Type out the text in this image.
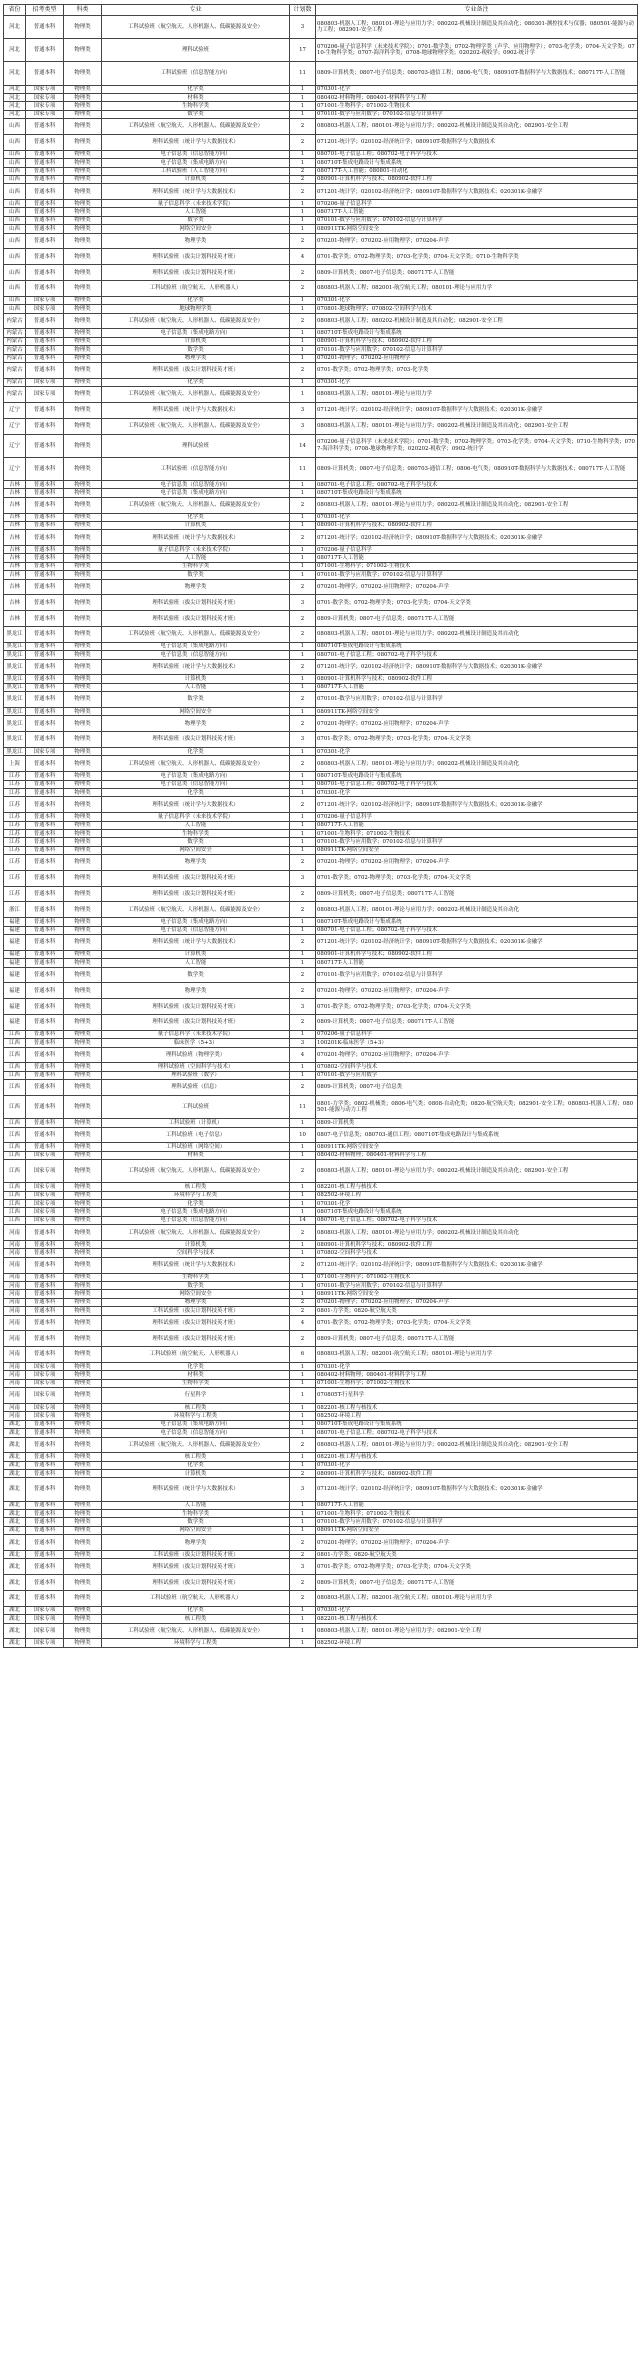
省份	招考类型	科类	专业	计划数	专业备注
河北	普通本科	物理类	工科试验班（航空航天、人形机器人、低碳能源及安全）	3	080803-机器人工程；080101-理论与应用力学；080202-机械设计制造及其自动化；080301-测控技术与仪器；080501-能源与动力工程；082901-安全工程
河北	普通本科	物理类	理科试验班	17	070206-量子信息科学（未来技术学院）；0701-数学类；0702-物理学类（声学、应用物理学）；0703-化学类；0704-天文学类；0710-生物科学类；0707-海洋科学类；0708-地球物理学类；020202-税收学；0902-统计学
河北	普通本科	物理类	工科试验班（信息智能方向）	11	0809-计算机类；0807-电子信息类；080703-通信工程；0806-电气类；080910T-数据科学与大数据技术；080717T-人工智能
河北	国家专项	物理类	化学类	1	070301-化学
河北	国家专项	物理类	材料类	1	080402-材料物理；080401-材料科学与工程
河北	国家专项	物理类	生物科学类	1	071001-生物科学；071002-生物技术
河北	国家专项	物理类	数学类	1	070101-数学与应用数学；070102-信息与计算科学
山西	普通本科	物理类	工科试验班（航空航天、人形机器人、低碳能源及安全）	2	080803-机器人工程；080101-理论与应用力学；080202-机械设计制造及其自动化；082901-安全工程
山西	普通本科	物理类	理科试验班（统计学与大数据技术）	2	071201-统计学；020102-经济统计学；080910T-数据科学与大数据技术
山西	普通本科	物理类	电子信息类（信息智能方向）	1	080701-电子信息工程；080702-电子科学与技术
山西	普通本科	物理类	电子信息类（集成电路方向）	1	080710T-集成电路设计与集成系统
山西	普通本科	物理类	工科试验班（人工智能方向）	2	080717T-人工智能；080801-自动化
山西	普通本科	物理类	计算机类	2	080901-计算机科学与技术；080902-软件工程
山西	普通本科	物理类	理科试验班（统计学与大数据技术）	2	071201-统计学；020102-经济统计学；080910T-数据科学与大数据技术；020301K-金融学
山西	普通本科	物理类	量子信息科学（未来技术学院）	1	070206-量子信息科学
山西	普通本科	物理类	人工智能	1	080717T-人工智能
山西	普通本科	物理类	数学类	1	070101-数学与应用数学；070102-信息与计算科学
山西	普通本科	物理类	网络空间安全	1	080911TK-网络空间安全
山西	普通本科	物理类	物理学类	2	070201-物理学；070202-应用物理学；070204-声学
山西	普通本科	物理类	理科试验班（拔尖计划科技英才班）	4	0701-数学类；0702-物理学类；0703-化学类；0704-天文学类；0710-生物科学类
山西	普通本科	物理类	理科试验班（拔尖计划科技英才班）	2	0809-计算机类；0807-电子信息类；080717T-人工智能
山西	普通本科	物理类	工科试验班（航空航天、人形机器人）	2	080803-机器人工程；082001-航空航天工程；080101-理论与应用力学
山西	国家专项	物理类	化学类	1	070301-化学
山西	国家专项	物理类	地球物理学类	1	070801-地球物理学；070802-空间科学与技术
内蒙古	普通本科	物理类	工科试验班（航空航天、人形机器人、低碳能源及安全）	2	080803-机器人工程；080202-机械设计制造及其自动化；082901-安全工程
内蒙古	普通本科	物理类	电子信息类（集成电路方向）	1	080710T-集成电路设计与集成系统
内蒙古	普通本科	物理类	计算机类	1	080901-计算机科学与技术；080902-软件工程
内蒙古	普通本科	物理类	数学类	1	070101-数学与应用数学；070102-信息与计算科学
内蒙古	普通本科	物理类	物理学类	1	070201-物理学；070202-应用物理学
内蒙古	普通本科	物理类	理科试验班（拔尖计划科技英才班）	2	0701-数学类；0702-物理学类；0703-化学类
内蒙古	国家专项	物理类	化学类	1	070301-化学
内蒙古	国家专项	物理类	工科试验班（航空航天、人形机器人、低碳能源及安全）	1	080803-机器人工程；080101-理论与应用力学
辽宁	普通本科	物理类	理科试验班（统计学与大数据技术）	3	071201-统计学；020102-经济统计学；080910T-数据科学与大数据技术；020301K-金融学
辽宁	普通本科	物理类	工科试验班（航空航天、人形机器人、低碳能源及安全）	3	080803-机器人工程；080101-理论与应用力学；080202-机械设计制造及其自动化；082901-安全工程
辽宁	普通本科	物理类	理科试验班	14	070206-量子信息科学（未来技术学院）；0701-数学类；0702-物理学类；0703-化学类；0704-天文学类；0710-生物科学类；0707-海洋科学类；0708-地球物理学类；020202-税收学；0902-统计学
辽宁	普通本科	物理类	工科试验班（信息智能方向）	11	0809-计算机类；0807-电子信息类；080703-通信工程；0806-电气类；080910T-数据科学与大数据技术；080717T-人工智能
吉林	普通本科	物理类	电子信息类（信息智能方向）	1	080701-电子信息工程；080702-电子科学与技术
吉林	普通本科	物理类	电子信息类（集成电路方向）	1	080710T-集成电路设计与集成系统
吉林	普通本科	物理类	工科试验班（航空航天、人形机器人、低碳能源及安全）	2	080803-机器人工程；080101-理论与应用力学；080202-机械设计制造及其自动化；082901-安全工程
吉林	普通本科	物理类	化学类	1	070301-化学
吉林	普通本科	物理类	计算机类	1	080901-计算机科学与技术；080902-软件工程
吉林	普通本科	物理类	理科试验班（统计学与大数据技术）	2	071201-统计学；020102-经济统计学；080910T-数据科学与大数据技术；020301K-金融学
吉林	普通本科	物理类	量子信息科学（未来技术学院）	1	070206-量子信息科学
吉林	普通本科	物理类	人工智能	1	080717T-人工智能
吉林	普通本科	物理类	生物科学类	1	071001-生物科学；071002-生物技术
吉林	普通本科	物理类	数学类	1	070101-数学与应用数学；070102-信息与计算科学
吉林	普通本科	物理类	物理学类	2	070201-物理学；070202-应用物理学；070204-声学
吉林	普通本科	物理类	理科试验班（拔尖计划科技英才班）	3	0701-数学类；0702-物理学类；0703-化学类；0704-天文学类
吉林	普通本科	物理类	理科试验班（拔尖计划科技英才班）	2	0809-计算机类；0807-电子信息类；080717T-人工智能
黑龙江	普通本科	物理类	工科试验班（航空航天、人形机器人、低碳能源及安全）	2	080803-机器人工程；080101-理论与应用力学；080202-机械设计制造及其自动化
黑龙江	普通本科	物理类	电子信息类（集成电路方向）	1	080710T-集成电路设计与集成系统
黑龙江	普通本科	物理类	电子信息类（信息智能方向）	1	080701-电子信息工程；080702-电子科学与技术
黑龙江	普通本科	物理类	理科试验班（统计学与大数据技术）	2	071201-统计学；020102-经济统计学；080910T-数据科学与大数据技术；020301K-金融学
黑龙江	普通本科	物理类	计算机类	1	080901-计算机科学与技术；080902-软件工程
黑龙江	普通本科	物理类	人工智能	1	080717T-人工智能
黑龙江	普通本科	物理类	数学类	2	070101-数学与应用数学；070102-信息与计算科学
黑龙江	普通本科	物理类	网络空间安全	1	080911TK-网络空间安全
黑龙江	普通本科	物理类	物理学类	2	070201-物理学；070202-应用物理学；070204-声学
黑龙江	普通本科	物理类	理科试验班（拔尖计划科技英才班）	3	0701-数学类；0702-物理学类；0703-化学类；0704-天文学类
黑龙江	国家专项	物理类	化学类	1	070301-化学
上海	普通本科	物理类	工科试验班（航空航天、人形机器人、低碳能源及安全）	2	080803-机器人工程；080101-理论与应用力学；080202-机械设计制造及其自动化
江苏	普通本科	物理类	电子信息类（集成电路方向）	1	080710T-集成电路设计与集成系统
江苏	普通本科	物理类	电子信息类（信息智能方向）	1	080701-电子信息工程；080702-电子科学与技术
江苏	普通本科	物理类	化学类	1	070301-化学
江苏	普通本科	物理类	理科试验班（统计学与大数据技术）	2	071201-统计学；020102-经济统计学；080910T-数据科学与大数据技术；020301K-金融学
江苏	普通本科	物理类	量子信息科学（未来技术学院）	1	070206-量子信息科学
江苏	普通本科	物理类	人工智能	1	080717T-人工智能
江苏	普通本科	物理类	生物科学类	1	071001-生物科学；071002-生物技术
江苏	普通本科	物理类	数学类	1	070101-数学与应用数学；070102-信息与计算科学
江苏	普通本科	物理类	网络空间安全	1	080911TK-网络空间安全
江苏	普通本科	物理类	物理学类	2	070201-物理学；070202-应用物理学；070204-声学
江苏	普通本科	物理类	理科试验班（拔尖计划科技英才班）	3	0701-数学类；0702-物理学类；0703-化学类；0704-天文学类
江苏	普通本科	物理类	理科试验班（拔尖计划科技英才班）	2	0809-计算机类；0807-电子信息类；080717T-人工智能
浙江	普通本科	物理类	工科试验班（航空航天、人形机器人、低碳能源及安全）	2	080803-机器人工程；080101-理论与应用力学；080202-机械设计制造及其自动化
福建	普通本科	物理类	电子信息类（集成电路方向）	1	080710T-集成电路设计与集成系统
福建	普通本科	物理类	电子信息类（信息智能方向）	1	080701-电子信息工程；080702-电子科学与技术
福建	普通本科	物理类	理科试验班（统计学与大数据技术）	2	071201-统计学；020102-经济统计学；080910T-数据科学与大数据技术；020301K-金融学
福建	普通本科	物理类	计算机类	1	080901-计算机科学与技术；080902-软件工程
福建	普通本科	物理类	人工智能	1	080717T-人工智能
福建	普通本科	物理类	数学类	2	070101-数学与应用数学；070102-信息与计算科学
福建	普通本科	物理类	物理学类	2	070201-物理学；070202-应用物理学；070204-声学
福建	普通本科	物理类	理科试验班（拔尖计划科技英才班）	3	0701-数学类；0702-物理学类；0703-化学类；0704-天文学类
福建	普通本科	物理类	理科试验班（拔尖计划科技英才班）	2	0809-计算机类；0807-电子信息类；080717T-人工智能
江西	普通本科	物理类	量子信息科学（未来技术学院）	1	070206-量子信息科学
江西	普通本科	物理类	临床医学（5+3）	3	100201K-临床医学（5+3）
江西	普通本科	物理类	理科试验班（物理学类）	4	070201-物理学；070202-应用物理学；070204-声学
江西	普通本科	物理类	理科试验班（空间科学与技术）	1	070802-空间科学与技术
江西	普通本科	物理类	理科试验班（数学）	1	070101-数学与应用数学
江西	普通本科	物理类	理科试验班（信息）	2	0809-计算机类；0807-电子信息类
江西	普通本科	物理类	工科试验班	11	0801-力学类；0802-机械类；0806-电气类；0808-自动化类；0820-航空航天类；082901-安全工程；080803-机器人工程；080501-能源与动力工程
江西	普通本科	物理类	工科试验班（计算机）	1	0809-计算机类
江西	普通本科	物理类	工科试验班（电子信息）	10	0807-电子信息类；080703-通信工程；080710T-集成电路设计与集成系统
江西	普通本科	物理类	工科试验班（网络空间）	1	080911TK-网络空间安全
江西	国家专项	物理类	材料类	1	080402-材料物理；080401-材料科学与工程
江西	国家专项	物理类	工科试验班（航空航天、人形机器人、低碳能源及安全）	2	080803-机器人工程；080101-理论与应用力学；080202-机械设计制造及其自动化；082901-安全工程
江西	国家专项	物理类	核工程类	1	082201-核工程与核技术
江西	国家专项	物理类	环境科学与工程类	1	082502-环境工程
江西	国家专项	物理类	化学类	1	070301-化学
江西	国家专项	物理类	电子信息类（集成电路方向）	1	080710T-集成电路设计与集成系统
江西	国家专项	物理类	电子信息类（信息智能方向）	14	080701-电子信息工程；080702-电子科学与技术
河南	普通本科	物理类	工科试验班（航空航天、人形机器人、低碳能源及安全）	2	080803-机器人工程；080101-理论与应用力学；080202-机械设计制造及其自动化
河南	普通本科	物理类	计算机类	1	080901-计算机科学与技术；080902-软件工程
河南	普通本科	物理类	空间科学与技术	1	070802-空间科学与技术
河南	普通本科	物理类	理科试验班（统计学与大数据技术）	2	071201-统计学；020102-经济统计学；080910T-数据科学与大数据技术；020301K-金融学
河南	普通本科	物理类	生物科学类	1	071001-生物科学；071002-生物技术
河南	普通本科	物理类	数学类	1	070101-数学与应用数学；070102-信息与计算科学
河南	普通本科	物理类	网络空间安全	1	080911TK-网络空间安全
河南	普通本科	物理类	物理学类	2	070201-物理学；070202-应用物理学；070204-声学
河南	普通本科	物理类	工科试验班（拔尖计划科技英才班）	2	0801-力学类；0820-航空航天类
河南	普通本科	物理类	理科试验班（拔尖计划科技英才班）	4	0701-数学类；0702-物理学类；0703-化学类；0704-天文学类
河南	普通本科	物理类	理科试验班（拔尖计划科技英才班）	2	0809-计算机类；0807-电子信息类；080717T-人工智能
河南	普通本科	物理类	工科试验班（航空航天、人形机器人）	6	080803-机器人工程；082001-航空航天工程；080101-理论与应用力学
河南	国家专项	物理类	化学类	1	070301-化学
河南	国家专项	物理类	材料类	1	080402-材料物理；080401-材料科学与工程
河南	国家专项	物理类	生物科学类	1	071001-生物科学；071002-生物技术
河南	国家专项	物理类	行星科学	1	070805T-行星科学
河南	国家专项	物理类	核工程类	1	082201-核工程与核技术
河南	国家专项	物理类	环境科学与工程类	1	082502-环境工程
湖北	普通本科	物理类	电子信息类（集成电路方向）	1	080710T-集成电路设计与集成系统
湖北	普通本科	物理类	电子信息类（信息智能方向）	1	080701-电子信息工程；080702-电子科学与技术
湖北	普通本科	物理类	工科试验班（航空航天、人形机器人、低碳能源及安全）	2	080803-机器人工程；080101-理论与应用力学；080202-机械设计制造及其自动化；082901-安全工程
湖北	普通本科	物理类	核工程类	1	082201-核工程与核技术
湖北	普通本科	物理类	化学类	1	070301-化学
湖北	普通本科	物理类	计算机类	2	080901-计算机科学与技术；080902-软件工程
湖北	普通本科	物理类	理科试验班（统计学与大数据技术）	3	071201-统计学；020102-经济统计学；080910T-数据科学与大数据技术；020301K-金融学
湖北	普通本科	物理类	人工智能	1	080717T-人工智能
湖北	普通本科	物理类	生物科学类	1	071001-生物科学；071002-生物技术
湖北	普通本科	物理类	数学类	1	070101-数学与应用数学；070102-信息与计算科学
湖北	普通本科	物理类	网络空间安全	1	080911TK-网络空间安全
湖北	普通本科	物理类	物理学类	2	070201-物理学；070202-应用物理学；070204-声学
湖北	普通本科	物理类	工科试验班（拔尖计划科技英才班）	2	0801-力学类；0820-航空航天类
湖北	普通本科	物理类	理科试验班（拔尖计划科技英才班）	3	0701-数学类；0702-物理学类；0703-化学类；0704-天文学类
湖北	普通本科	物理类	理科试验班（拔尖计划科技英才班）	2	0809-计算机类；0807-电子信息类；080717T-人工智能
湖北	普通本科	物理类	工科试验班（航空航天、人形机器人）	2	080803-机器人工程；082001-航空航天工程；080101-理论与应用力学
湖北	国家专项	物理类	化学类	1	070301-化学
湖北	国家专项	物理类	核工程类	1	082201-核工程与核技术
湖北	国家专项	物理类	工科试验班（航空航天、人形机器人、低碳能源及安全）	1	080803-机器人工程；080101-理论与应用力学；082901-安全工程
湖北	国家专项	物理类	环境科学与工程类	1	082502-环境工程
